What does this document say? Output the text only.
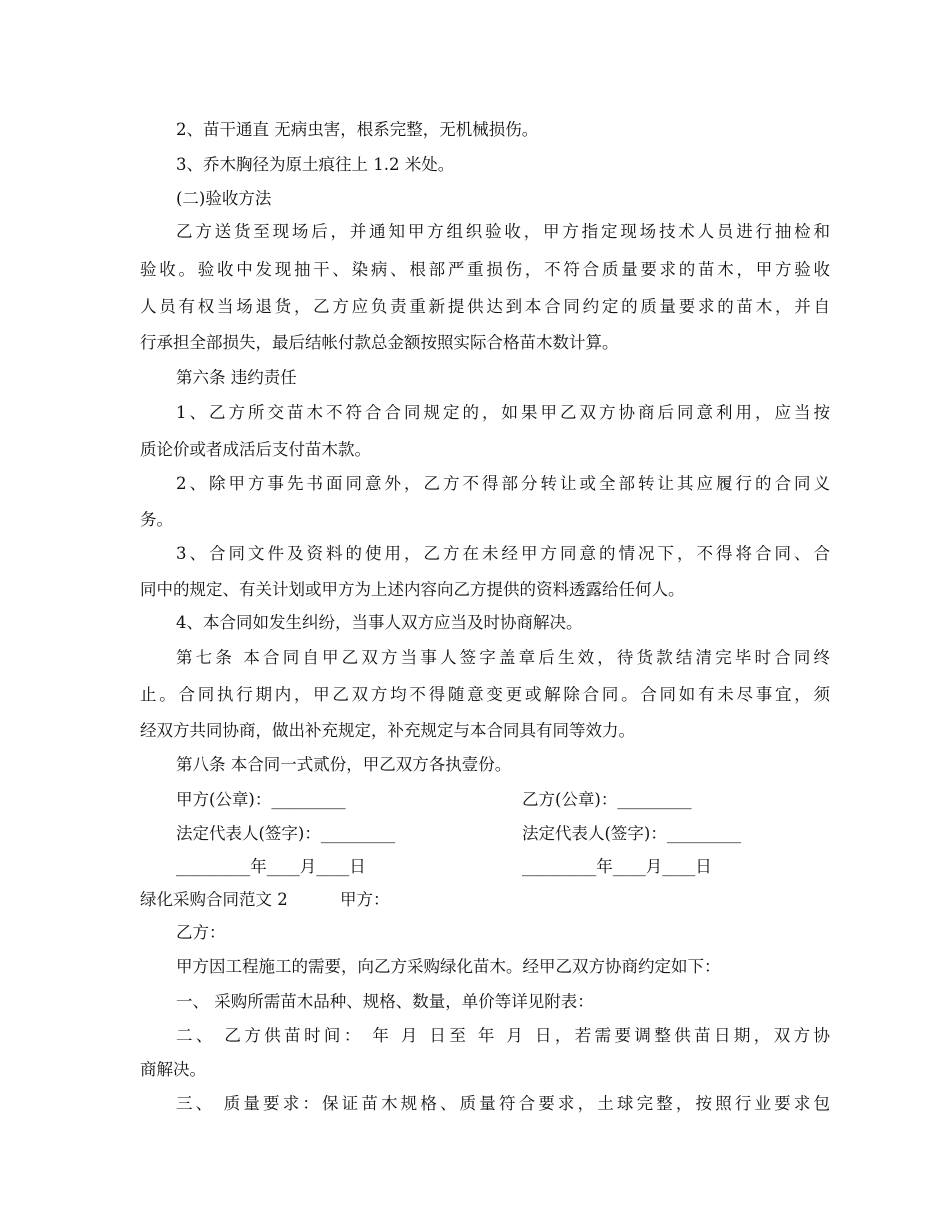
2、苗干通直 无病虫害，根系完整，无机械损伤。
3、乔木胸径为原土痕往上 1.2 米处。
(二)验收方法
乙方送货至现场后，并通知甲方组织验收，甲方指定现场技术人员进行抽检和
验收。验收中发现抽干、染病、根部严重损伤，不符合质量要求的苗木，甲方验收
人员有权当场退货，乙方应负责重新提供达到本合同约定的质量要求的苗木，并自
行承担全部损失，最后结帐付款总金额按照实际合格苗木数计算。
第六条 违约责任
1、乙方所交苗木不符合合同规定的，如果甲乙双方协商后同意利用，应当按
质论价或者成活后支付苗木款。
2、除甲方事先书面同意外，乙方不得部分转让或全部转让其应履行的合同义
务。
3、合同文件及资料的使用，乙方在未经甲方同意的情况下，不得将合同、合
同中的规定、有关计划或甲方为上述内容向乙方提供的资料透露给任何人。
4、本合同如发生纠纷，当事人双方应当及时协商解决。
第七条 本合同自甲乙双方当事人签字盖章后生效，待货款结清完毕时合同终
止。合同执行期内，甲乙双方均不得随意变更或解除合同。合同如有未尽事宜，须
经双方共同协商，做出补充规定，补充规定与本合同具有同等效力。
第八条 本合同一式贰份，甲乙双方各执壹份。
甲方(公章)：_________	乙方(公章)：_________
法定代表人(签字)：_________	法定代表人(签字)：_________
_________年____月____日	_________年____月____日
绿化采购合同范文 2	甲方：
乙方：
甲方因工程施工的需要，向乙方采购绿化苗木。经甲乙双方协商约定如下：
一、 采购所需苗木品种、规格、数量，单价等详见附表：
二、 乙方供苗时间： 年 月 日至 年 月 日，若需要调整供苗日期，双方协
商解决。
三、 质量要求：保证苗木规格、质量符合要求，土球完整，按照行业要求包
